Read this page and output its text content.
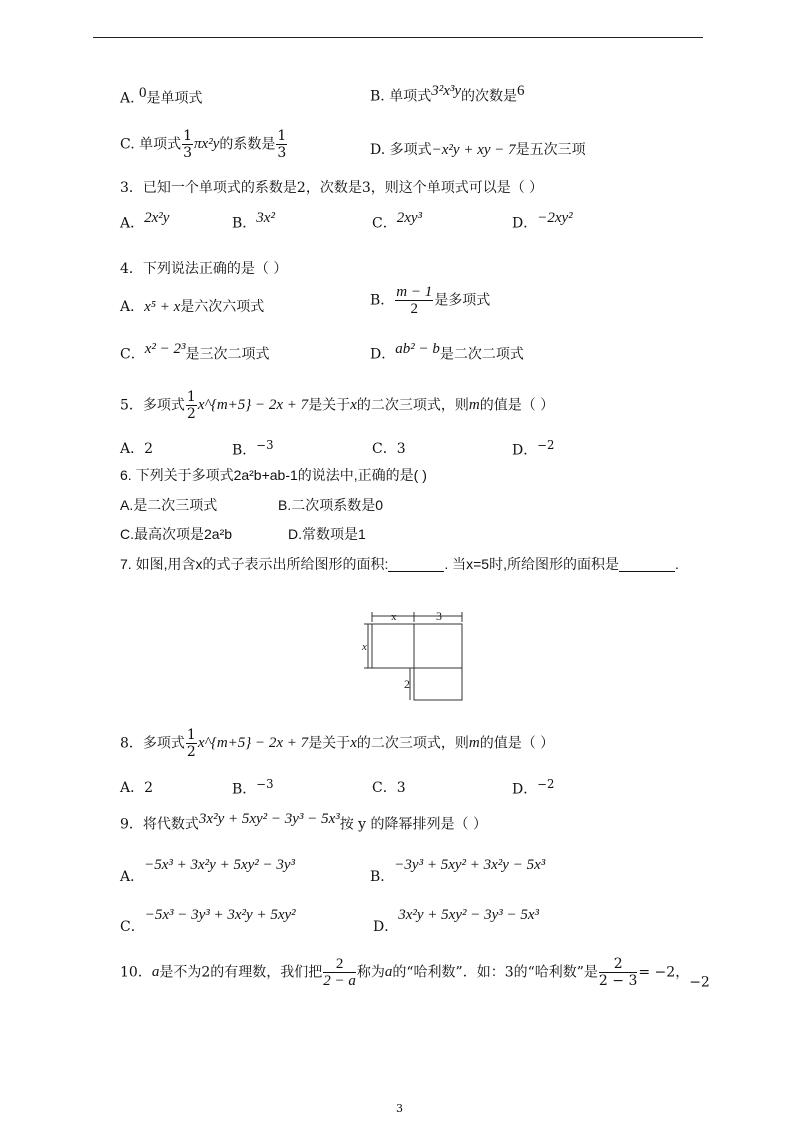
A. $^0$是单项式	B. 单项式$^{3^2x^3y}$的次数是$^6$
C. 单项式 $\frac{1}{3} \pi x^2y$的系数是 $\frac{1}{3}$	D. 多项式−x²y + xy − 7是五次三项
3．已知一个单项式的系数是2，次数是3，则这个单项式可以是（ ）
A．$^{2x^2y}$	B．$^{3x^2}$	C．$^{2xy^3}$	D．$^{-2xy^2}$
4．下列说法正确的是（ ）
A．x⁵ + x是六次六项式	B． $\frac{m - 1}{2}$ 是多项式
C．$^{x^2 - 2^3}$是三次二项式	D．$^{ab^2 - b}$是二次二项式
5．多项式 $\frac{1}{2}$ x^{m+5} − 2x + 7是关于x的二次三项式，则m的值是（ ）
A．2	B．$^{-3}$	C．3	D．$^{-2}$
6. 下列关于多项式2a²b+ab-1的说法中,正确的是( )
A.是二次三项式	B.二次项系数是0
C.最高次项是2a²b	D.常数项是1
7. 如图,用含x的式子表示出所给图形的面积:	. 当x=5时,所给图形的面积是	.
x	3
x
2
8．多项式 $\frac{1}{2}$ x^{m+5} − 2x + 7是关于x的二次三项式，则m的值是（ ）
A．2	B．$^{-3}$	C．3	D．$^{-2}$
9．将代数式$^{3x^2y + 5xy^2 - 3y^3 - 5x^3}$按 y 的降幂排列是（ ）
A．−5x³ + 3x²y + 5xy² − 3y³
B．−3y³ + 5xy² + 3x²y − 5x³
C．−5x³ − 3y³ + 3x²y + 5xy²
D．3x²y + 5xy² − 3y³ − 5x³
10．a是不为2的有理数，我们把 $\frac{2}{2 - a}$ 称为a的“哈利数”．如：3的“哈利数”是 $\frac{2}{2 - 3} = -2$，−2
3
